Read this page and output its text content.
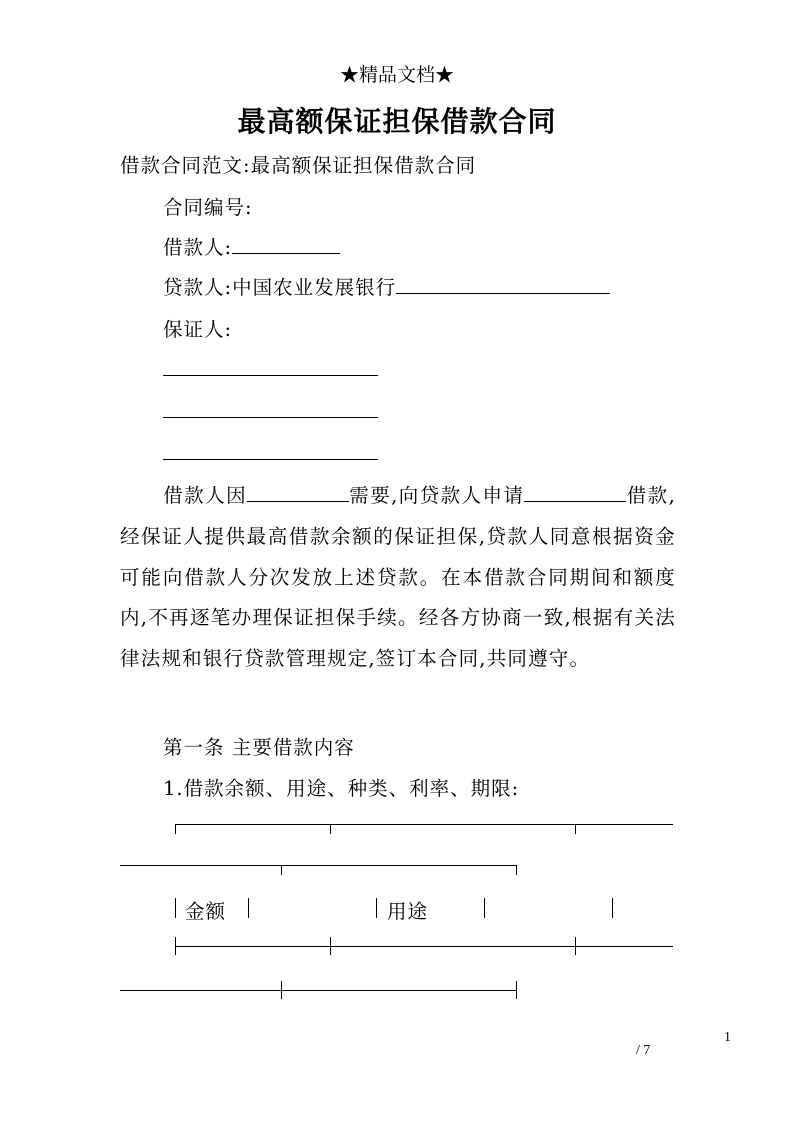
★精品文档★
最高额保证担保借款合同
借款合同范文:最高额保证担保借款合同
合同编号:
借款人:
贷款人:中国农业发展银行
保证人:
借款人因	需要,向贷款人申请	借款,经保证人提供最高借款余额的保证担保,贷款人同意根据资金可能向借款人分次发放上述贷款。在本借款合同期间和额度内,不再逐笔办理保证担保手续。经各方协商一致,根据有关法律法规和银行贷款管理规定,签订本合同,共同遵守。
第一条 主要借款内容
1.借款余额、用途、种类、利率、期限:
金额	用途
1
/ 7
